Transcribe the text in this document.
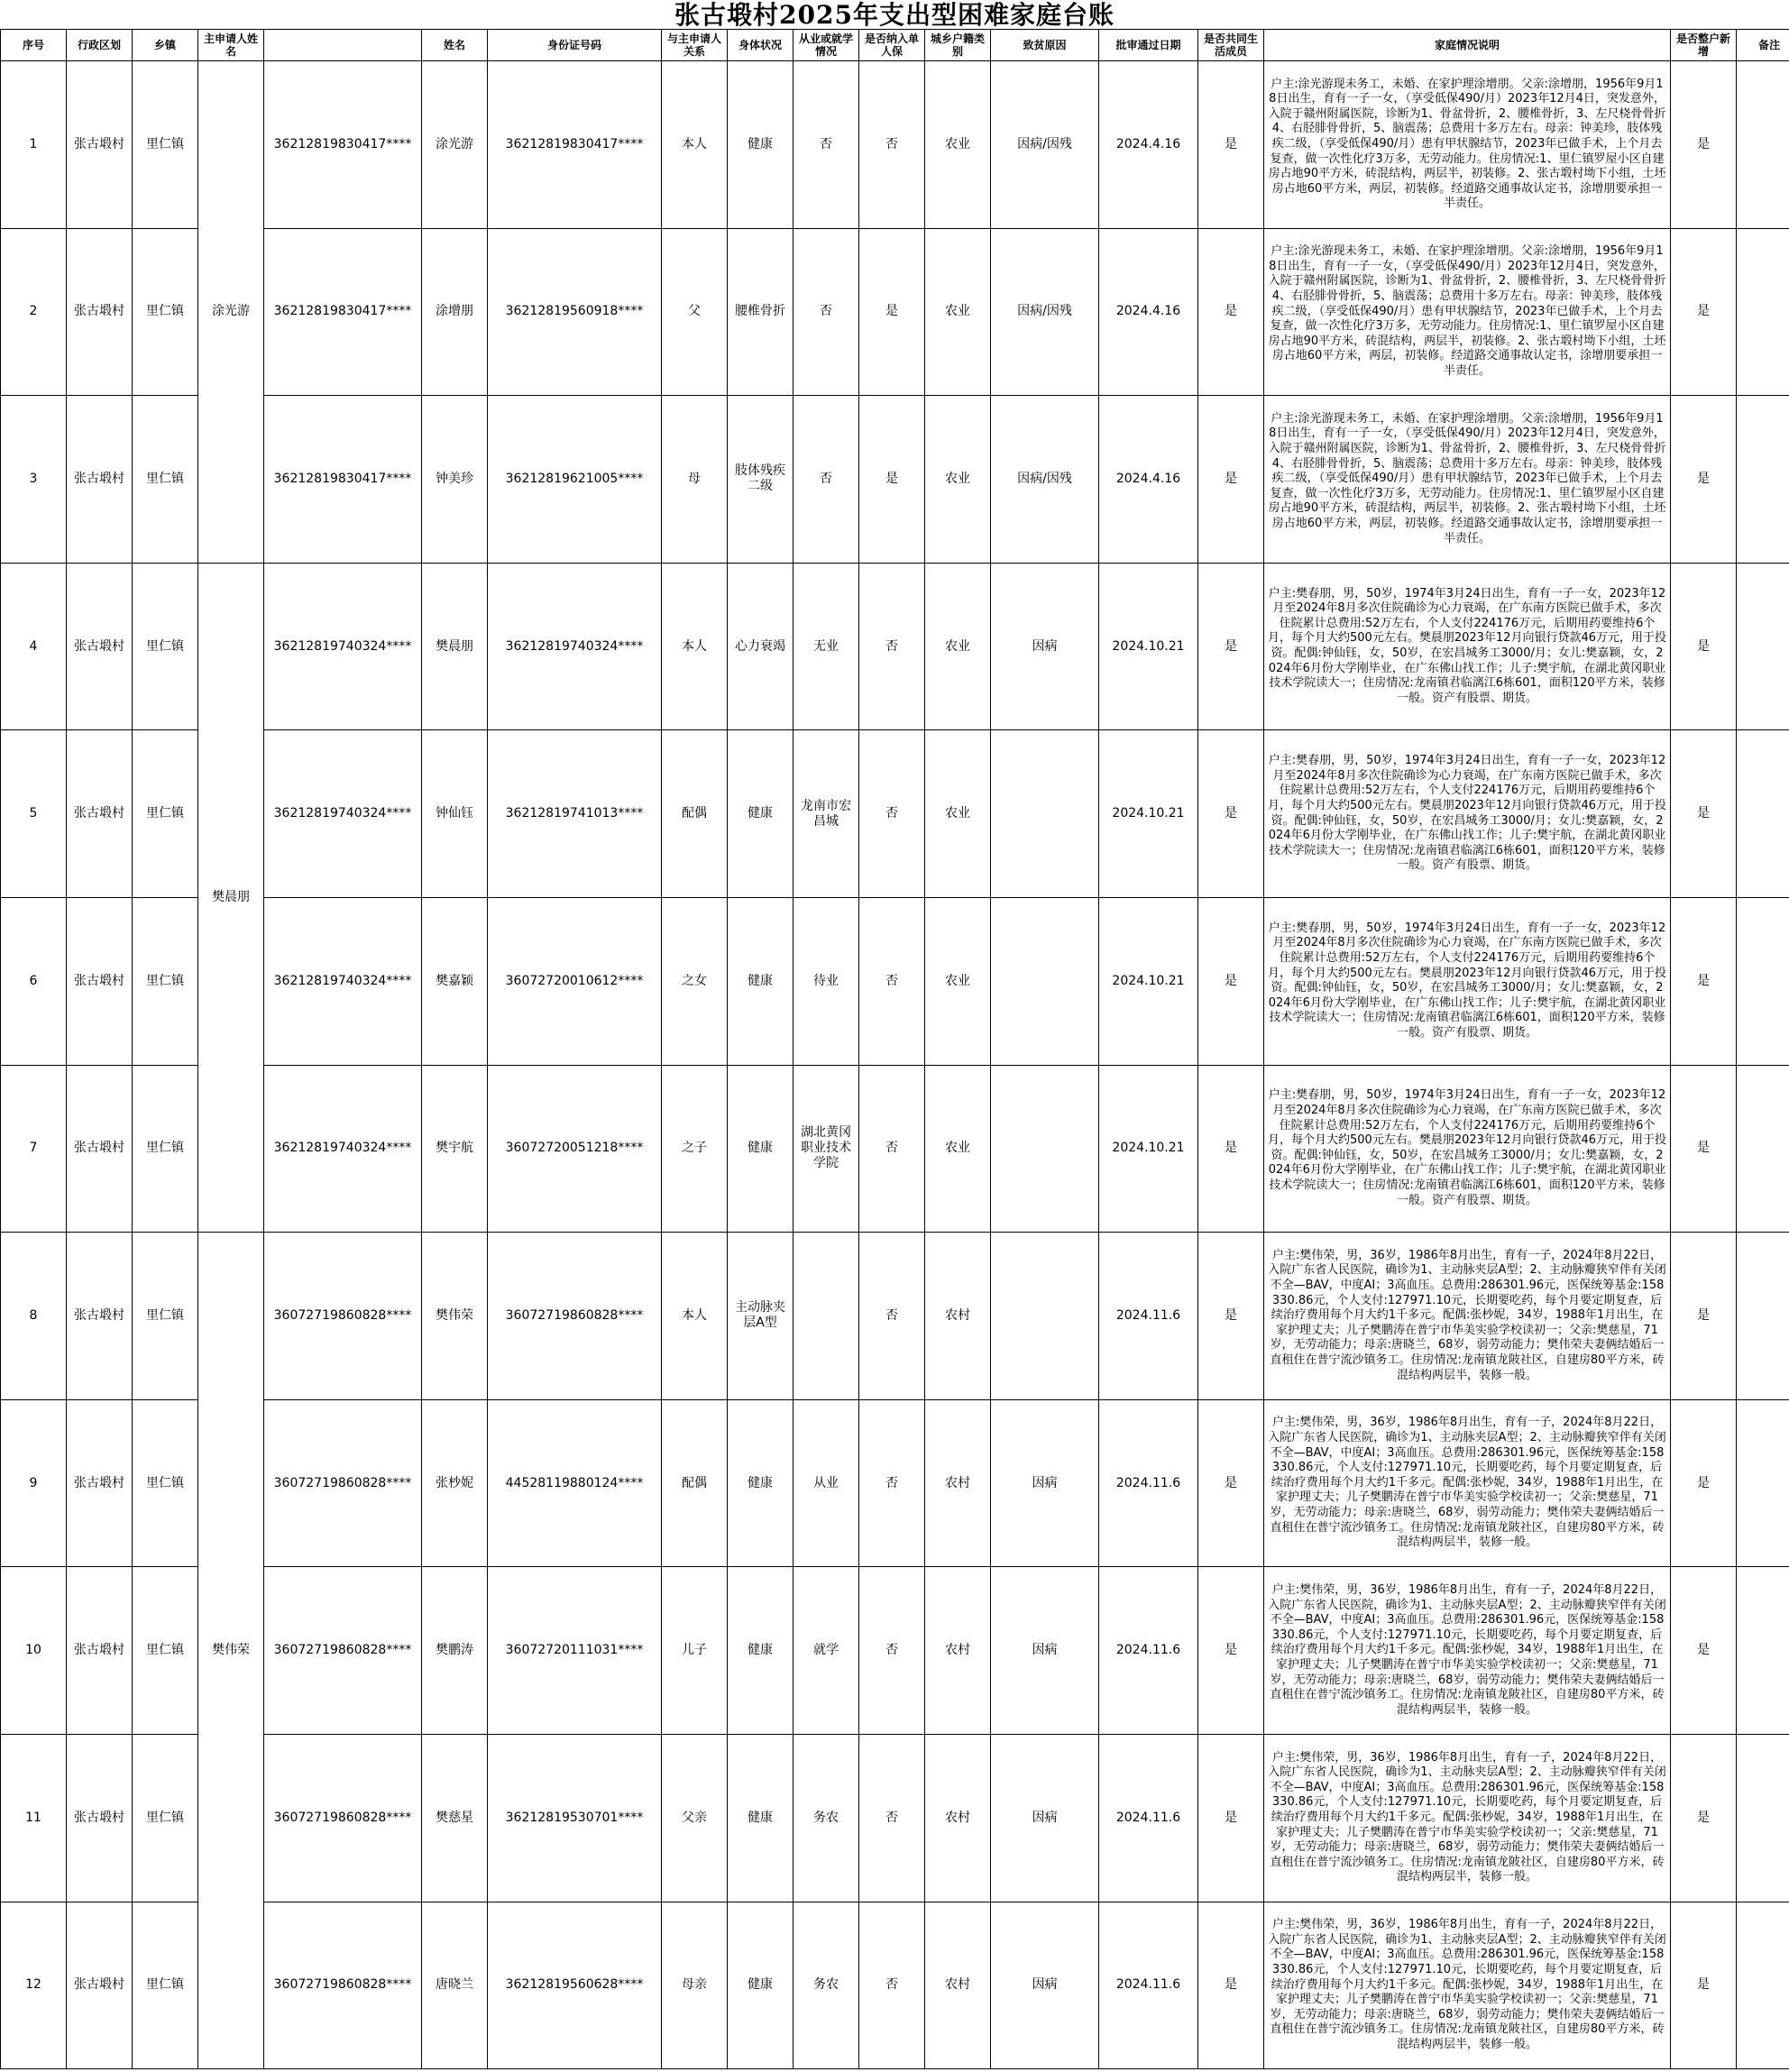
张古塅村2025年支出型困难家庭台账
序号	行政区划	乡镇	主申请人姓名		姓名	身份证号码	与主申请人关系	身体状况	从业或就学情况	是否纳入单人保	城乡户籍类别	致贫原因	批审通过日期	是否共同生活成员	家庭情况说明	是否整户新增	备注
1	张古塅村	里仁镇	涂光游	36212819830417****	涂光游	36212819830417****	本人	健康	否	否	农业	因病/因残	2024.4.16	是	户主:涂光游现未务工，未婚、在家护理涂增朋。父亲:涂增朋，1956年9月18日出生，育有一子一女，（享受低保490/月）2023年12月4日，突发意外，入院于赣州附属医院，诊断为1、骨盆骨折，2、腰椎骨折，3、左尺桡骨骨折4、右胫腓骨骨折，5、脑震荡；总费用十多万左右。母亲：钟美珍，肢体残疾二级，（享受低保490/月）患有甲状腺结节，2023年已做手术，上个月去复查，做一次性化疗3万多，无劳动能力。住房情况:1、里仁镇罗屋小区自建房占地90平方米，砖混结构，两层半，初装修。2、张古塅村坳下小组，土坯房占地60平方米，两层，初装修。经道路交通事故认定书，涂增朋要承担一半责任。	是	
2	张古塅村	里仁镇		36212819830417****	涂增朋	36212819560918****	父	腰椎骨折	否	是	农业	因病/因残	2024.4.16	是	户主:涂光游现未务工，未婚、在家护理涂增朋。父亲:涂增朋，1956年9月18日出生，育有一子一女，（享受低保490/月）2023年12月4日，突发意外，入院于赣州附属医院，诊断为1、骨盆骨折，2、腰椎骨折，3、左尺桡骨骨折4、右胫腓骨骨折，5、脑震荡；总费用十多万左右。母亲：钟美珍，肢体残疾二级，（享受低保490/月）患有甲状腺结节，2023年已做手术，上个月去复查，做一次性化疗3万多，无劳动能力。住房情况:1、里仁镇罗屋小区自建房占地90平方米，砖混结构，两层半，初装修。2、张古塅村坳下小组，土坯房占地60平方米，两层，初装修。经道路交通事故认定书，涂增朋要承担一半责任。	是	
3	张古塅村	里仁镇		36212819830417****	钟美珍	36212819621005****	母	肢体残疾二级	否	是	农业	因病/因残	2024.4.16	是	户主:涂光游现未务工，未婚、在家护理涂增朋。父亲:涂增朋，1956年9月18日出生，育有一子一女，（享受低保490/月）2023年12月4日，突发意外，入院于赣州附属医院，诊断为1、骨盆骨折，2、腰椎骨折，3、左尺桡骨骨折4、右胫腓骨骨折，5、脑震荡；总费用十多万左右。母亲：钟美珍，肢体残疾二级，（享受低保490/月）患有甲状腺结节，2023年已做手术，上个月去复查，做一次性化疗3万多，无劳动能力。住房情况:1、里仁镇罗屋小区自建房占地90平方米，砖混结构，两层半，初装修。2、张古塅村坳下小组，土坯房占地60平方米，两层，初装修。经道路交通事故认定书，涂增朋要承担一半责任。	是	
4	张古塅村	里仁镇	樊晨朋	36212819740324****	樊晨朋	36212819740324****	本人	心力衰竭	无业	否	农业	因病	2024.10.21	是	户主:樊春朋，男，50岁，1974年3月24日出生，育有一子一女，2023年12月至2024年8月多次住院确诊为心力衰竭，在广东南方医院已做手术，多次住院累计总费用:52万左右，个人支付224176万元，后期用药要维持6个月，每个月大约500元左右。樊晨朋2023年12月向银行贷款46万元，用于投资。配偶:钟仙钰，女，50岁，在宏昌城务工3000/月；女儿:樊嘉颖，女，2024年6月份大学刚毕业，在广东佛山找工作；儿子:樊宇航，在湖北黄冈职业技术学院读大一；住房情况:龙南镇君临漓江6栋601，面积120平方米，装修一般。资产有股票、期货。	是	
5	张古塅村	里仁镇		36212819740324****	钟仙钰	36212819741013****	配偶	健康	龙南市宏昌城	否	农业		2024.10.21	是	户主:樊春朋，男，50岁，1974年3月24日出生，育有一子一女，2023年12月至2024年8月多次住院确诊为心力衰竭，在广东南方医院已做手术，多次住院累计总费用:52万左右，个人支付224176万元，后期用药要维持6个月，每个月大约500元左右。樊晨朋2023年12月向银行贷款46万元，用于投资。配偶:钟仙钰，女，50岁，在宏昌城务工3000/月；女儿:樊嘉颖，女，2024年6月份大学刚毕业，在广东佛山找工作；儿子:樊宇航，在湖北黄冈职业技术学院读大一；住房情况:龙南镇君临漓江6栋601，面积120平方米，装修一般。资产有股票、期货。	是	
6	张古塅村	里仁镇		36212819740324****	樊嘉颖	36072720010612****	之女	健康	待业	否	农业		2024.10.21	是	户主:樊春朋，男，50岁，1974年3月24日出生，育有一子一女，2023年12月至2024年8月多次住院确诊为心力衰竭，在广东南方医院已做手术，多次住院累计总费用:52万左右，个人支付224176万元，后期用药要维持6个月，每个月大约500元左右。樊晨朋2023年12月向银行贷款46万元，用于投资。配偶:钟仙钰，女，50岁，在宏昌城务工3000/月；女儿:樊嘉颖，女，2024年6月份大学刚毕业，在广东佛山找工作；儿子:樊宇航，在湖北黄冈职业技术学院读大一；住房情况:龙南镇君临漓江6栋601，面积120平方米，装修一般。资产有股票、期货。	是	
7	张古塅村	里仁镇		36212819740324****	樊宇航	36072720051218****	之子	健康	湖北黄冈职业技术学院	否	农业		2024.10.21	是	户主:樊春朋，男，50岁，1974年3月24日出生，育有一子一女，2023年12月至2024年8月多次住院确诊为心力衰竭，在广东南方医院已做手术，多次住院累计总费用:52万左右，个人支付224176万元，后期用药要维持6个月，每个月大约500元左右。樊晨朋2023年12月向银行贷款46万元，用于投资。配偶:钟仙钰，女，50岁，在宏昌城务工3000/月；女儿:樊嘉颖，女，2024年6月份大学刚毕业，在广东佛山找工作；儿子:樊宇航，在湖北黄冈职业技术学院读大一；住房情况:龙南镇君临漓江6栋601，面积120平方米，装修一般。资产有股票、期货。	是	
8	张古塅村	里仁镇	樊伟荣	36072719860828****	樊伟荣	36072719860828****	本人	主动脉夹层A型		否	农村		2024.11.6	是	户主:樊伟荣，男，36岁，1986年8月出生，育有一子，2024年8月22日，入院广东省人民医院，确诊为1、主动脉夹层A型；2、主动脉瓣狭窄伴有关闭不全—BAV，中度AI；3高血压。总费用:286301.96元，医保统筹基金:158330.86元，个人支付:127971.10元，长期要吃药，每个月要定期复查，后续治疗费用每个月大约1千多元。配偶:张杪妮，34岁，1988年1月出生，在家护理丈夫；儿子樊鹏涛在普宁市华美实验学校读初一；父亲:樊慈星，71岁，无劳动能力；母亲:唐晓兰，68岁，弱劳动能力；樊伟荣夫妻俩结婚后一直租住在普宁流沙镇务工。住房情况:龙南镇龙陂社区，自建房80平方米，砖混结构两层半，装修一般。	是	
9	张古塅村	里仁镇		36072719860828****	张杪妮	44528119880124****	配偶	健康	从业	否	农村	因病	2024.11.6	是	户主:樊伟荣，男，36岁，1986年8月出生，育有一子，2024年8月22日，入院广东省人民医院，确诊为1、主动脉夹层A型；2、主动脉瓣狭窄伴有关闭不全—BAV，中度AI；3高血压。总费用:286301.96元，医保统筹基金:158330.86元，个人支付:127971.10元，长期要吃药，每个月要定期复查，后续治疗费用每个月大约1千多元。配偶:张杪妮，34岁，1988年1月出生，在家护理丈夫；儿子樊鹏涛在普宁市华美实验学校读初一；父亲:樊慈星，71岁，无劳动能力；母亲:唐晓兰，68岁，弱劳动能力；樊伟荣夫妻俩结婚后一直租住在普宁流沙镇务工。住房情况:龙南镇龙陂社区，自建房80平方米，砖混结构两层半，装修一般。	是	
10	张古塅村	里仁镇		36072719860828****	樊鹏涛	36072720111031****	儿子	健康	就学	否	农村	因病	2024.11.6	是	户主:樊伟荣，男，36岁，1986年8月出生，育有一子，2024年8月22日，入院广东省人民医院，确诊为1、主动脉夹层A型；2、主动脉瓣狭窄伴有关闭不全—BAV，中度AI；3高血压。总费用:286301.96元，医保统筹基金:158330.86元，个人支付:127971.10元，长期要吃药，每个月要定期复查，后续治疗费用每个月大约1千多元。配偶:张杪妮，34岁，1988年1月出生，在家护理丈夫；儿子樊鹏涛在普宁市华美实验学校读初一；父亲:樊慈星，71岁，无劳动能力；母亲:唐晓兰，68岁，弱劳动能力；樊伟荣夫妻俩结婚后一直租住在普宁流沙镇务工。住房情况:龙南镇龙陂社区，自建房80平方米，砖混结构两层半，装修一般。	是	
11	张古塅村	里仁镇		36072719860828****	樊慈星	36212819530701****	父亲	健康	务农	否	农村	因病	2024.11.6	是	户主:樊伟荣，男，36岁，1986年8月出生，育有一子，2024年8月22日，入院广东省人民医院，确诊为1、主动脉夹层A型；2、主动脉瓣狭窄伴有关闭不全—BAV，中度AI；3高血压。总费用:286301.96元，医保统筹基金:158330.86元，个人支付:127971.10元，长期要吃药，每个月要定期复查，后续治疗费用每个月大约1千多元。配偶:张杪妮，34岁，1988年1月出生，在家护理丈夫；儿子樊鹏涛在普宁市华美实验学校读初一；父亲:樊慈星，71岁，无劳动能力；母亲:唐晓兰，68岁，弱劳动能力；樊伟荣夫妻俩结婚后一直租住在普宁流沙镇务工。住房情况:龙南镇龙陂社区，自建房80平方米，砖混结构两层半，装修一般。	是	
12	张古塅村	里仁镇		36072719860828****	唐晓兰	36212819560628****	母亲	健康	务农	否	农村	因病	2024.11.6	是	户主:樊伟荣，男，36岁，1986年8月出生，育有一子，2024年8月22日，入院广东省人民医院，确诊为1、主动脉夹层A型；2、主动脉瓣狭窄伴有关闭不全—BAV，中度AI；3高血压。总费用:286301.96元，医保统筹基金:158330.86元，个人支付:127971.10元，长期要吃药，每个月要定期复查，后续治疗费用每个月大约1千多元。配偶:张杪妮，34岁，1988年1月出生，在家护理丈夫；儿子樊鹏涛在普宁市华美实验学校读初一；父亲:樊慈星，71岁，无劳动能力；母亲:唐晓兰，68岁，弱劳动能力；樊伟荣夫妻俩结婚后一直租住在普宁流沙镇务工。住房情况:龙南镇龙陂社区，自建房80平方米，砖混结构两层半，装修一般。	是	
